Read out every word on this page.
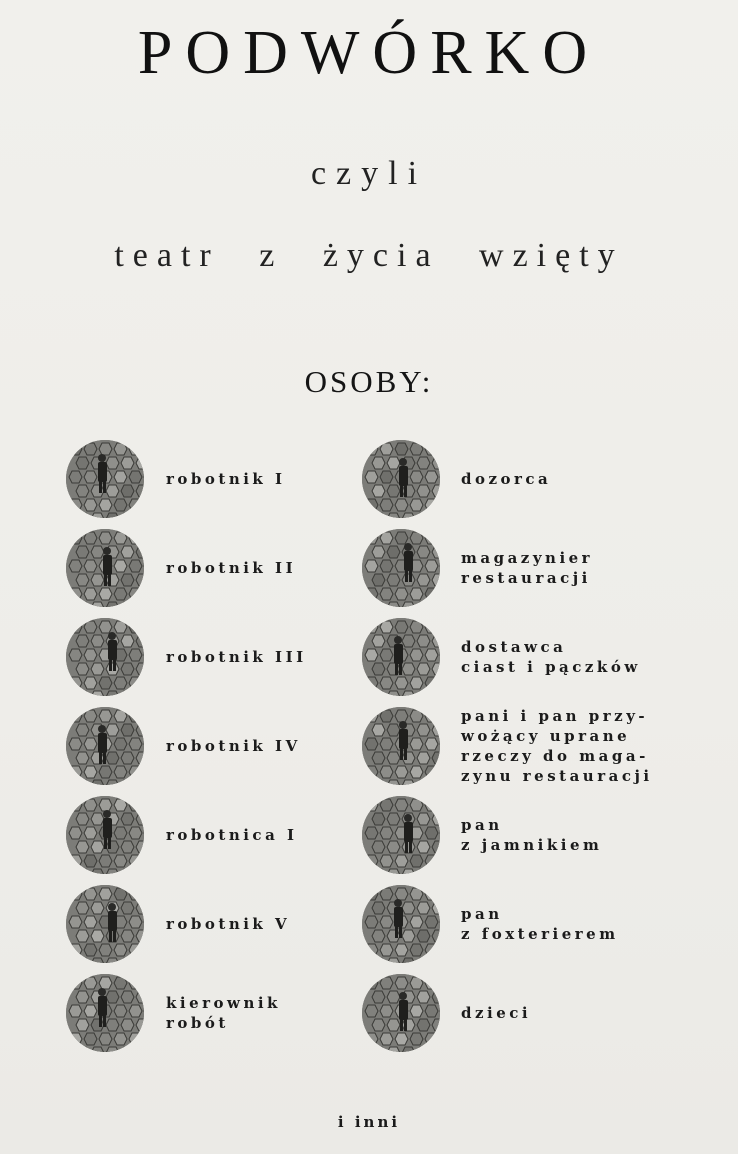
PODWÓRKO
czyli
teatr z życia wzięty
OSOBY:
robotnik I
robotnik II
robotnik III
robotnik IV
robotnica I
robotnik V
kierownik
robót
dozorca
magazynier
restauracji
dostawca
ciast i pączków
pani i pan przy-
wożący uprane
rzeczy do maga-
zynu restauracji
pan
z jamnikiem
pan
z foxterierem
dzieci
i inni
